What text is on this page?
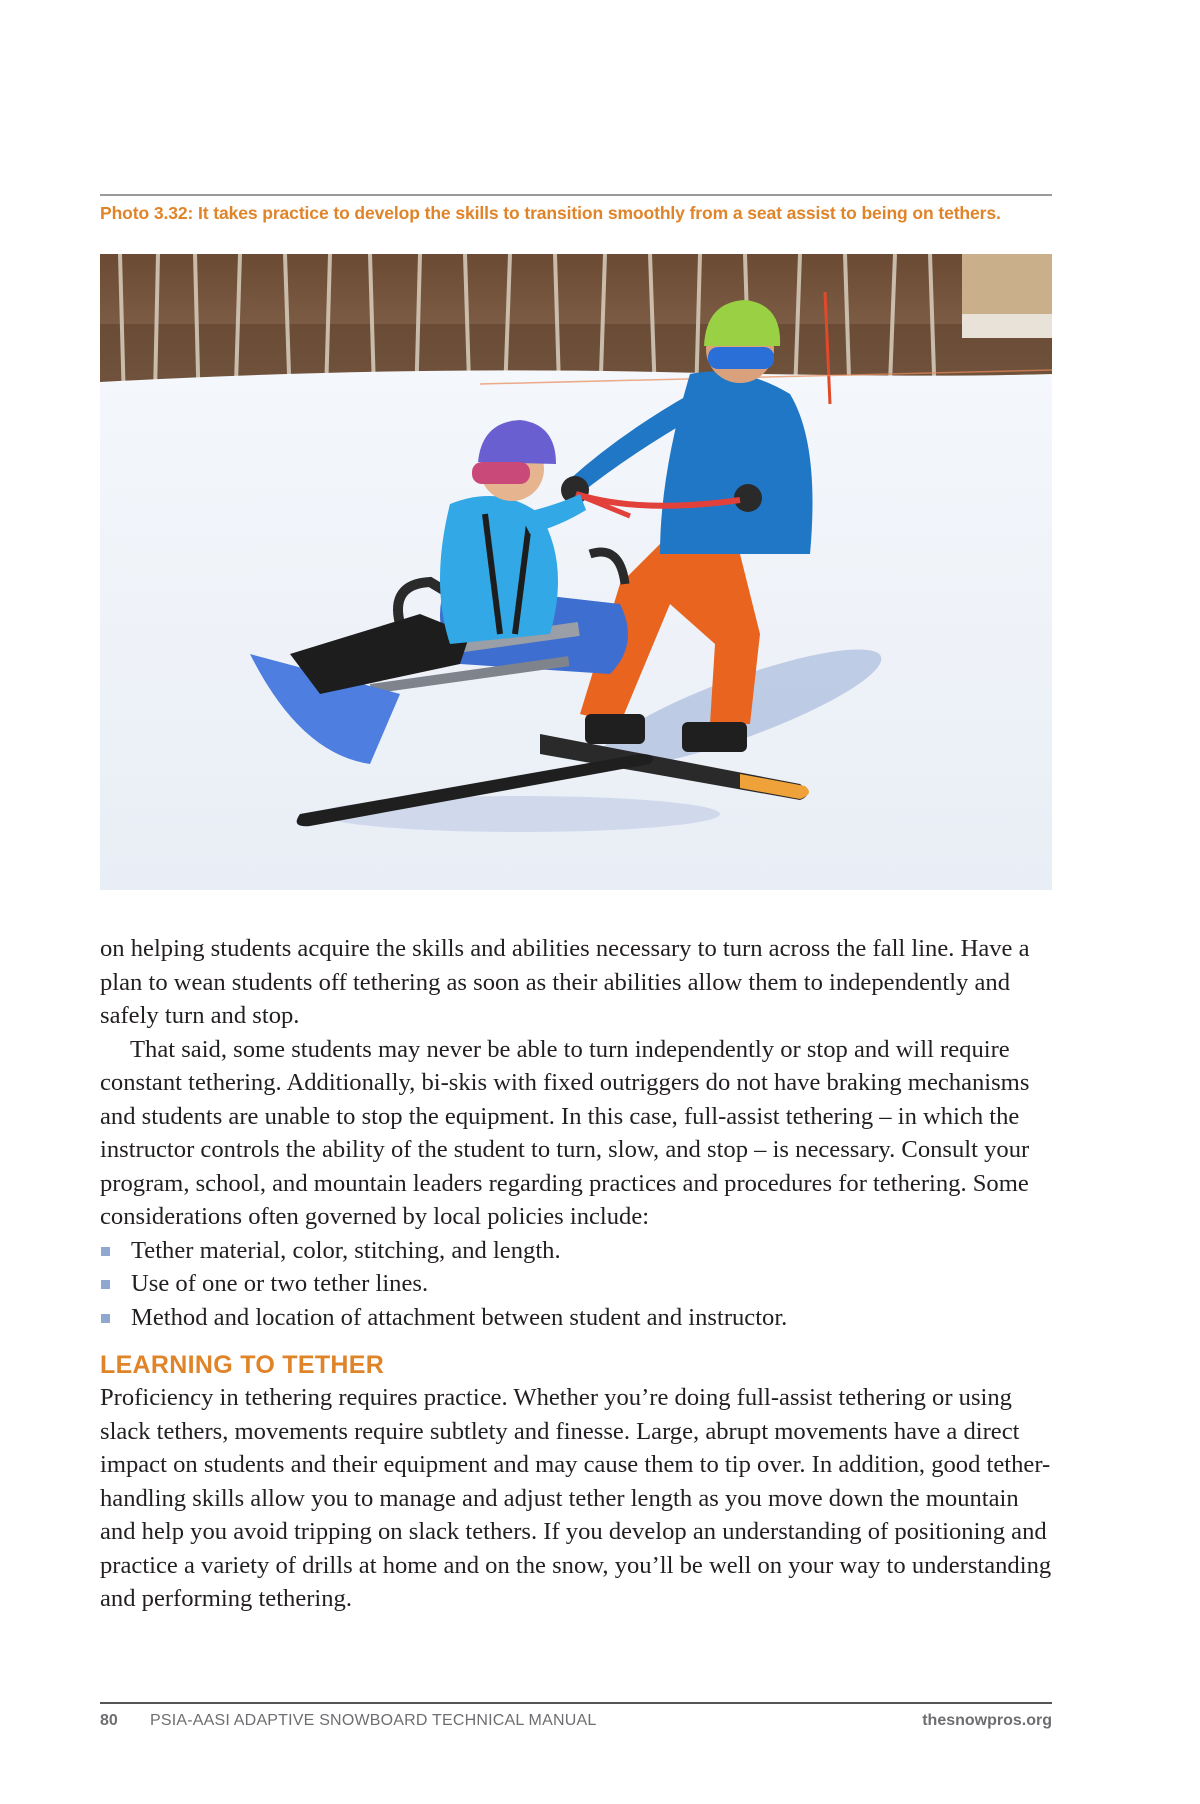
Photo 3.32: It takes practice to develop the skills to transition smoothly from a seat assist to being on tethers.

on helping students acquire the skills and abilities necessary to turn across the fall line. Have a plan to wean students off tethering as soon as their abilities allow them to independently and safely turn and stop.

That said, some students may never be able to turn independently or stop and will require constant tethering. Additionally, bi-skis with fixed outriggers do not have braking mechanisms and students are unable to stop the equipment. In this case, full-assist tethering – in which the instructor controls the ability of the student to turn, slow, and stop – is necessary. Consult your program, school, and mountain leaders regarding practices and procedures for tethering. Some considerations often governed by local policies include:

Tether material, color, stitching, and length.
Use of one or two tether lines.
Method and location of attachment between student and instructor.
LEARNING TO TETHER

Proficiency in tethering requires practice. Whether you’re doing full-assist tethering or using slack tethers, movements require subtlety and finesse. Large, abrupt movements have a direct impact on students and their equipment and may cause them to tip over. In addition, good tether-handling skills allow you to manage and adjust tether length as you move down the mountain and help you avoid tripping on slack tethers. If you develop an understanding of positioning and practice a variety of drills at home and on the snow, you’ll be well on your way to understanding and performing tethering.

80 PSIA-AASI ADAPTIVE SNOWBOARD TECHNICAL MANUAL	thesnowpros.org
